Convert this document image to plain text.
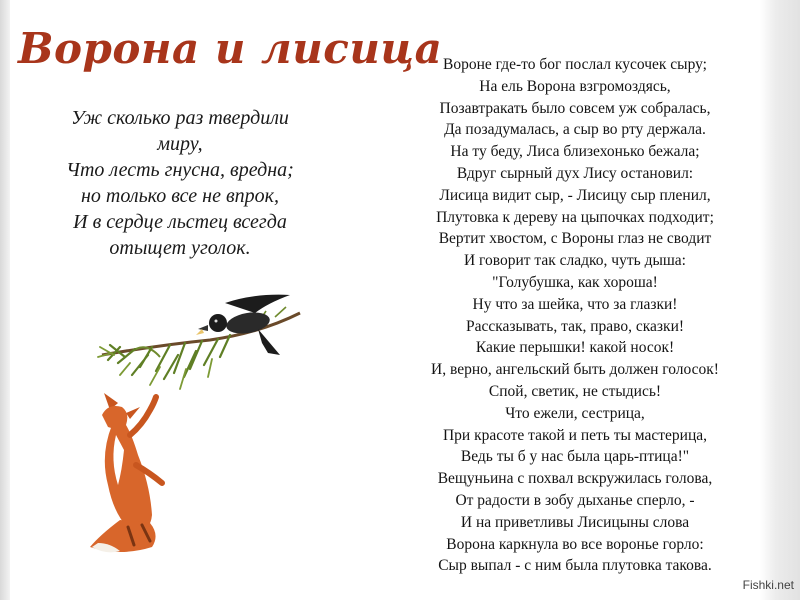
Ворона и лисица
Уж сколько раз твердили
миру,
Что лесть гнусна, вредна;
но только все не впрок,
И в сердце льстец всегда
отыщет уголок.
Вороне где-то бог послал кусочек сыру;
На ель Ворона взгромоздясь,
Позавтракать было совсем уж собралась,
Да позадумалась, а сыр во рту держала.
На ту беду, Лиса близехонько бежала;
Вдруг сырный дух Лису остановил:
Лисица видит сыр, - Лисицу сыр пленил,
Плутовка к дереву на цыпочках подходит;
Вертит хвостом, с Вороны глаз не сводит
И говорит так сладко, чуть дыша:
"Голубушка, как хороша!
Ну что за шейка, что за глазки!
Рассказывать, так, право, сказки!
Какие перышки! какой носок!
И, верно, ангельский быть должен голосок!
Спой, светик, не стыдись!
Что ежели, сестрица,
При красоте такой и петь ты мастерица,
Ведь ты б у нас была царь-птица!"
Вещуньина с похвал вскружилась голова,
От радости в зобу дыханье сперло, -
И на приветливы Лисицыны слова
Ворона каркнула во все воронье горло:
Сыр выпал - с ним была плутовка такова.
Fishki.net
